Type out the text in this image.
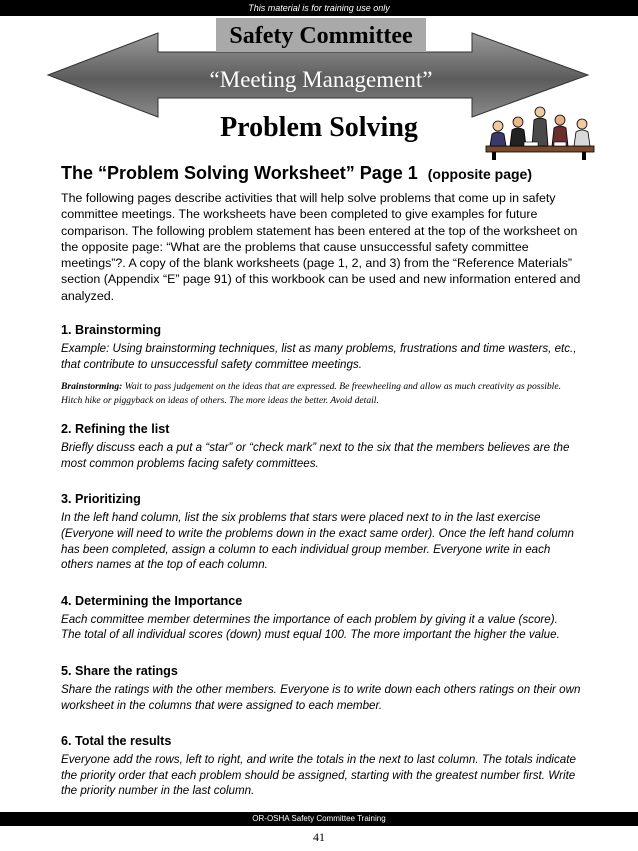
This material is for training use only
Safety Committee
“Meeting Management”
Problem Solving
The “Problem Solving Worksheet” Page 1 (opposite page)
The following pages describe activities that will help solve problems that come up in safety committee meetings. The worksheets have been completed to give examples for future comparison. The following problem statement has been entered at the top of the worksheet on the opposite page: “What are the problems that cause unsuccessful safety committee meetings”?. A copy of the blank worksheets (page 1, 2, and 3) from the “Reference Materials” section (Appendix “E” page 91) of this workbook can be used and new information entered and analyzed.
1. Brainstorming
Example: Using brainstorming techniques, list as many problems, frustrations and time wasters, etc., that contribute to unsuccessful safety committee meetings.
Brainstorming: Wait to pass judgement on the ideas that are expressed. Be freewheeling and allow as much creativity as possible. Hitch hike or piggyback on ideas of others. The more ideas the better. Avoid detail.
2. Refining the list
Briefly discuss each a put a “star” or “check mark” next to the six that the members believes are the most common problems facing safety committees.
3. Prioritizing
In the left hand column, list the six problems that stars were placed next to in the last exercise (Everyone will need to write the problems down in the exact same order). Once the left hand column has been completed, assign a column to each individual group member. Everyone write in each others names at the top of each column.
4. Determining the Importance
Each committee member determines the importance of each problem by giving it a value (score). The total of all individual scores (down) must equal 100. The more important the higher the value.
5. Share the ratings
Share the ratings with the other members. Everyone is to write down each others ratings on their own worksheet in the columns that were assigned to each member.
6. Total the results
Everyone add the rows, left to right, and write the totals in the next to last column. The totals indicate the priority order that each problem should be assigned, starting with the greatest number first. Write the priority number in the last column.
OR-OSHA Safety Committee Training
41
